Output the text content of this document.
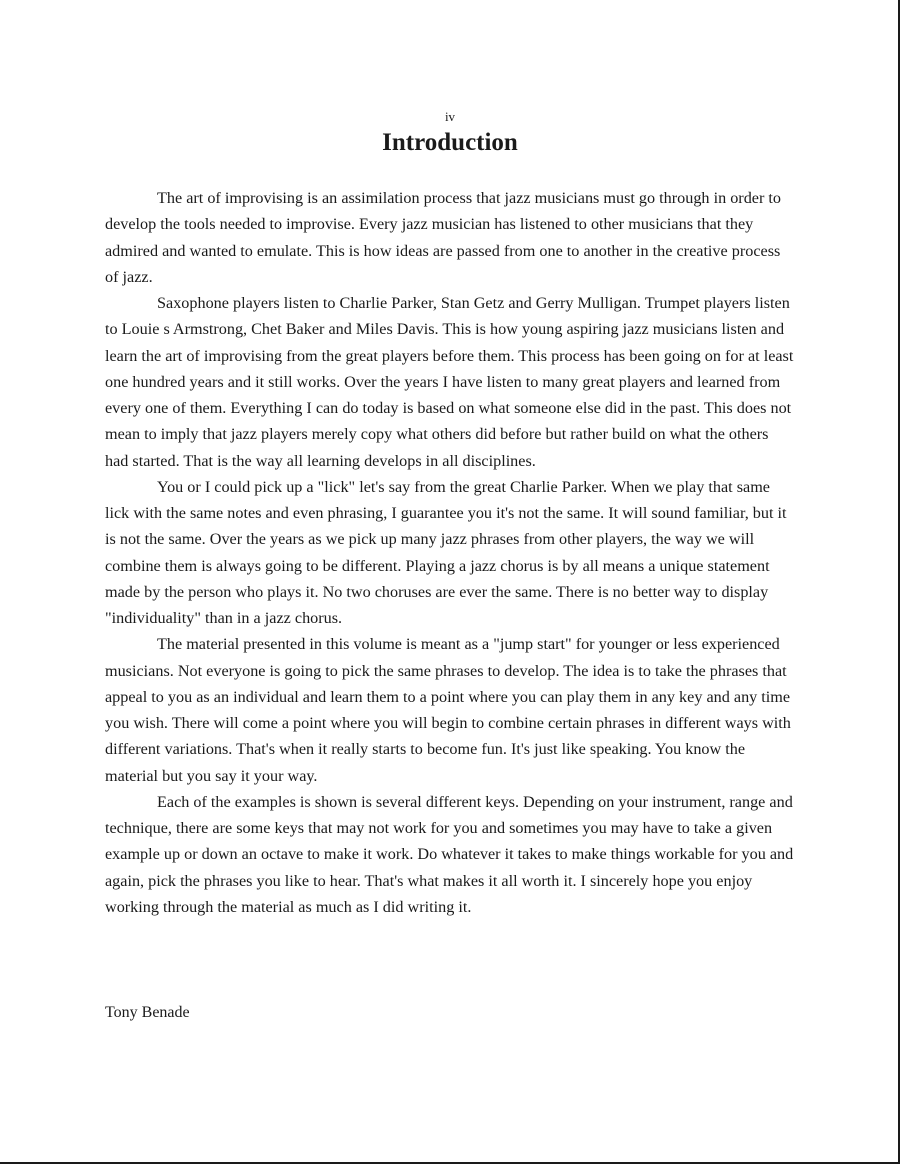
iv
Introduction

The art of improvising is an assimilation process that jazz musicians must go through in order to develop the tools needed to improvise. Every jazz musician has listened to other musicians that they admired and wanted to emulate. This is how ideas are passed from one to another in the creative process of jazz.

Saxophone players listen to Charlie Parker, Stan Getz and Gerry Mulligan. Trumpet players listen to Louie s Armstrong, Chet Baker and Miles Davis. This is how young aspiring jazz musicians listen and learn the art of improvising from the great players before them. This process has been going on for at least one hundred years and it still works. Over the years I have listen to many great players and learned from every one of them. Everything I can do today is based on what someone else did in the past. This does not mean to imply that jazz players merely copy what others did before but rather build on what the others had started. That is the way all learning develops in all disciplines.

You or I could pick up a "lick" let's say from the great Charlie Parker. When we play that same lick with the same notes and even phrasing, I guarantee you it's not the same. It will sound familiar, but it is not the same. Over the years as we pick up many jazz phrases from other players, the way we will combine them is always going to be different. Playing a jazz chorus is by all means a unique statement made by the person who plays it. No two choruses are ever the same. There is no better way to display "individuality" than in a jazz chorus.

The material presented in this volume is meant as a "jump start" for younger or less experienced musicians. Not everyone is going to pick the same phrases to develop. The idea is to take the phrases that appeal to you as an individual and learn them to a point where you can play them in any key and any time you wish. There will come a point where you will begin to combine certain phrases in different ways with different variations. That's when it really starts to become fun. It's just like speaking. You know the material but you say it your way.

Each of the examples is shown is several different keys. Depending on your instrument, range and technique, there are some keys that may not work for you and sometimes you may have to take a given example up or down an octave to make it work. Do whatever it takes to make things workable for you and again, pick the phrases you like to hear. That's what makes it all worth it. I sincerely hope you enjoy working through the material as much as I did writing it.

Tony Benade
